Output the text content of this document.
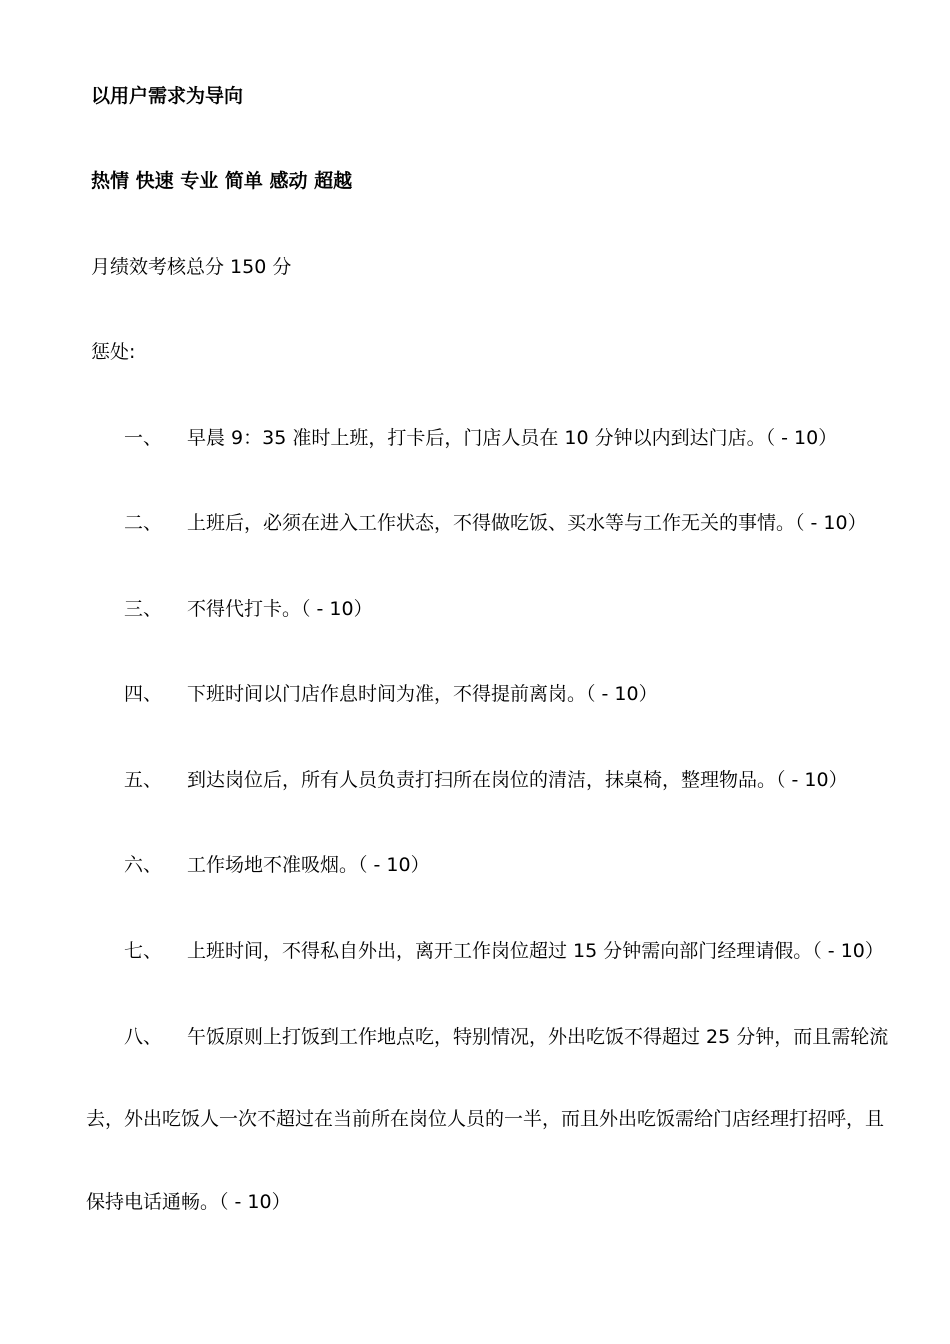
以用户需求为导向
热情 快速 专业 简单 感动 超越
月绩效考核总分 150 分
惩处:
一、 早晨 9：35 准时上班，打卡后，门店人员在 10 分钟以内到达门店。（ - 10）
二、 上班后，必须在进入工作状态，不得做吃饭、买水等与工作无关的事情。（ - 10）
三、 不得代打卡。（ - 10）
四、 下班时间以门店作息时间为准，不得提前离岗。（ - 10）
五、 到达岗位后，所有人员负责打扫所在岗位的清洁，抹桌椅，整理物品。（ - 10）
六、 工作场地不准吸烟。（ - 10）
七、 上班时间，不得私自外出，离开工作岗位超过 15 分钟需向部门经理请假。（ - 10）
八、 午饭原则上打饭到工作地点吃，特别情况，外出吃饭不得超过 25 分钟，而且需轮流
去，外出吃饭人一次不超过在当前所在岗位人员的一半，而且外出吃饭需给门店经理打招呼，且
保持电话通畅。（ - 10）
